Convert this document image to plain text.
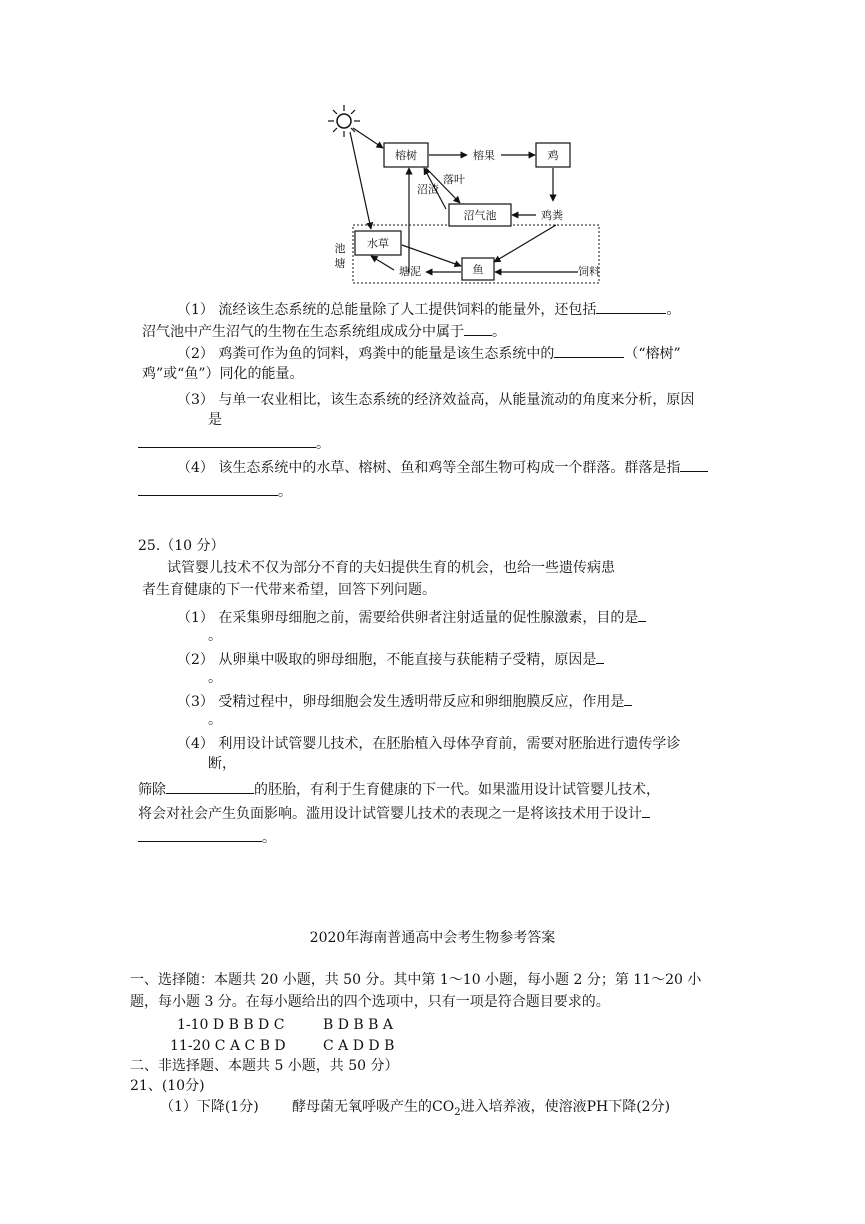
榕树	榕果	鸡
落叶
沼渣
沼气池	鸡粪
池
塘
水草
塘泥	鱼	饲料
（1） 流经该生态系统的总能量除了人工提供饲料的能量外，还包括	。
沼气池中产生沼气的生物在生态系统组成成分中属于 。
（2） 鸡粪可作为鱼的饲料，鸡粪中的能量是该生态系统中的	（“榕树”
鸡”或“鱼”）同化的能量。
（3） 与单一农业相比，该生态系统的经济效益高，从能量流动的角度来分析，原因
是
。
（4） 该生态系统中的水草、榕树、鱼和鸡等全部生物可构成一个群落。群落是指
。
25.（10 分）
试管婴儿技术不仅为部分不育的夫妇提供生育的机会，也给一些遗传病患
者生育健康的下一代带来希望，回答下列问题。
（1） 在采集卵母细胞之前，需要给供卵者注射适量的促性腺激素，目的是
。
（2） 从卵巢中吸取的卵母细胞，不能直接与获能精子受精，原因是
。
（3） 受精过程中，卵母细胞会发生透明带反应和卵细胞膜反应，作用是
。
（4） 利用设计试管婴儿技术，在胚胎植入母体孕育前，需要对胚胎进行遗传学诊
断，
筛除	的胚胎，有利于生育健康的下一代。如果滥用设计试管婴儿技术，
将会对社会产生负面影响。滥用设计试管婴儿技术的表现之一是将该技术用于设计
。
2020年海南普通高中会考生物参考答案
一、选择随：本题共 20 小题，共 50 分。其中第 1～10 小题，每小题 2 分；第 11～20 小
题，每小题 3 分。在每小题给出的四个选项中，只有一项是符合题目要求的。
1-10 D B B D C	B D B B A
11-20 C A C B D	C A D D B
二、非选择题、本题共 5 小题，共 50 分）
21、(10分)
（1）下降(1分) 酵母菌无氧呼吸产生的$CO_2$进入培养液，使溶液PH下降(2分)
